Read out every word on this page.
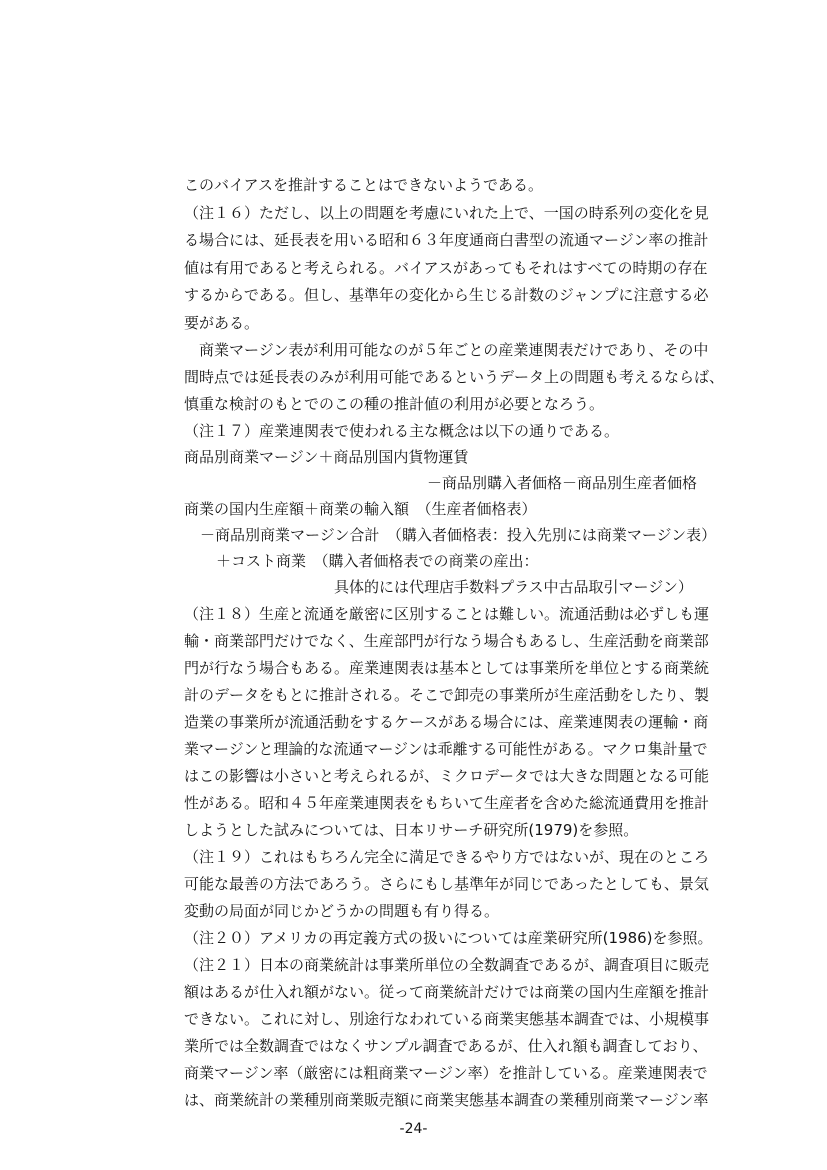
このバイアスを推計することはできないようである。
（注１６）ただし、以上の問題を考慮にいれた上で、一国の時系列の変化を見
る場合には、延長表を用いる昭和６３年度通商白書型の流通マージン率の推計
値は有用であると考えられる。バイアスがあってもそれはすべての時期の存在
するからである。但し、基準年の変化から生じる計数のジャンプに注意する必
要がある。
　商業マージン表が利用可能なのが５年ごとの産業連関表だけであり、その中
間時点では延長表のみが利用可能であるというデータ上の問題も考えるならば、
慎重な検討のもとでのこの種の推計値の利用が必要となろう。
（注１７）産業連関表で使われる主な概念は以下の通りである。
商品別商業マージン＋商品別国内貨物運賃
－商品別購入者価格－商品別生産者価格
商業の国内生産額＋商業の輸入額　（生産者価格表）
－商品別商業マージン合計　（購入者価格表：投入先別には商業マージン表）
＋コスト商業　（購入者価格表での商業の産出：
具体的には代理店手数料プラス中古品取引マージン）
（注１８）生産と流通を厳密に区別することは難しい。流通活動は必ずしも運
輸・商業部門だけでなく、生産部門が行なう場合もあるし、生産活動を商業部
門が行なう場合もある。産業連関表は基本としては事業所を単位とする商業統
計のデータをもとに推計される。そこで卸売の事業所が生産活動をしたり、製
造業の事業所が流通活動をするケースがある場合には、産業連関表の運輸・商
業マージンと理論的な流通マージンは乖離する可能性がある。マクロ集計量で
はこの影響は小さいと考えられるが、ミクロデータでは大きな問題となる可能
性がある。昭和４５年産業連関表をもちいて生産者を含めた総流通費用を推計
しようとした試みについては、日本リサーチ研究所(1979)を参照。
（注１９）これはもちろん完全に満足できるやり方ではないが、現在のところ
可能な最善の方法であろう。さらにもし基準年が同じであったとしても、景気
変動の局面が同じかどうかの問題も有り得る。
（注２０）アメリカの再定義方式の扱いについては産業研究所(1986)を参照。
（注２１）日本の商業統計は事業所単位の全数調査であるが、調査項目に販売
額はあるが仕入れ額がない。従って商業統計だけでは商業の国内生産額を推計
できない。これに対し、別途行なわれている商業実態基本調査では、小規模事
業所では全数調査ではなくサンプル調査であるが、仕入れ額も調査しており、
商業マージン率（厳密には粗商業マージン率）を推計している。産業連関表で
は、商業統計の業種別商業販売額に商業実態基本調査の業種別商業マージン率
-24-
